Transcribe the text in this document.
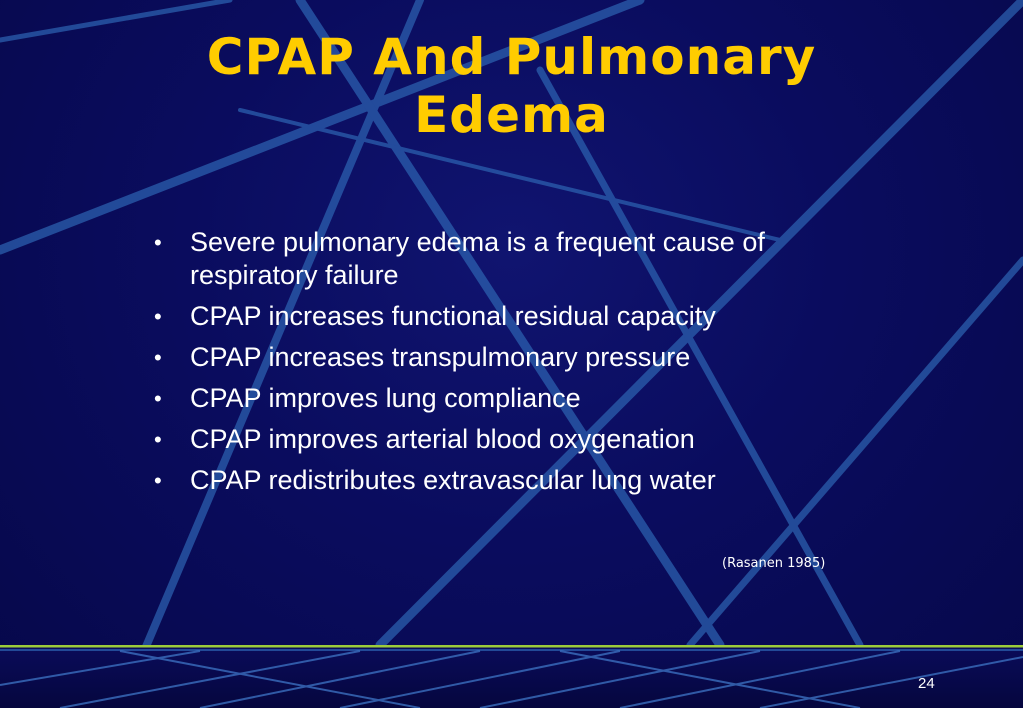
CPAP And Pulmonary
Edema
• Severe pulmonary edema is a frequent cause of respiratory failure
• CPAP increases functional residual capacity
• CPAP increases transpulmonary pressure
• CPAP improves lung compliance
• CPAP improves arterial blood oxygenation
• CPAP redistributes extravascular lung water
(Rasanen 1985)
24
